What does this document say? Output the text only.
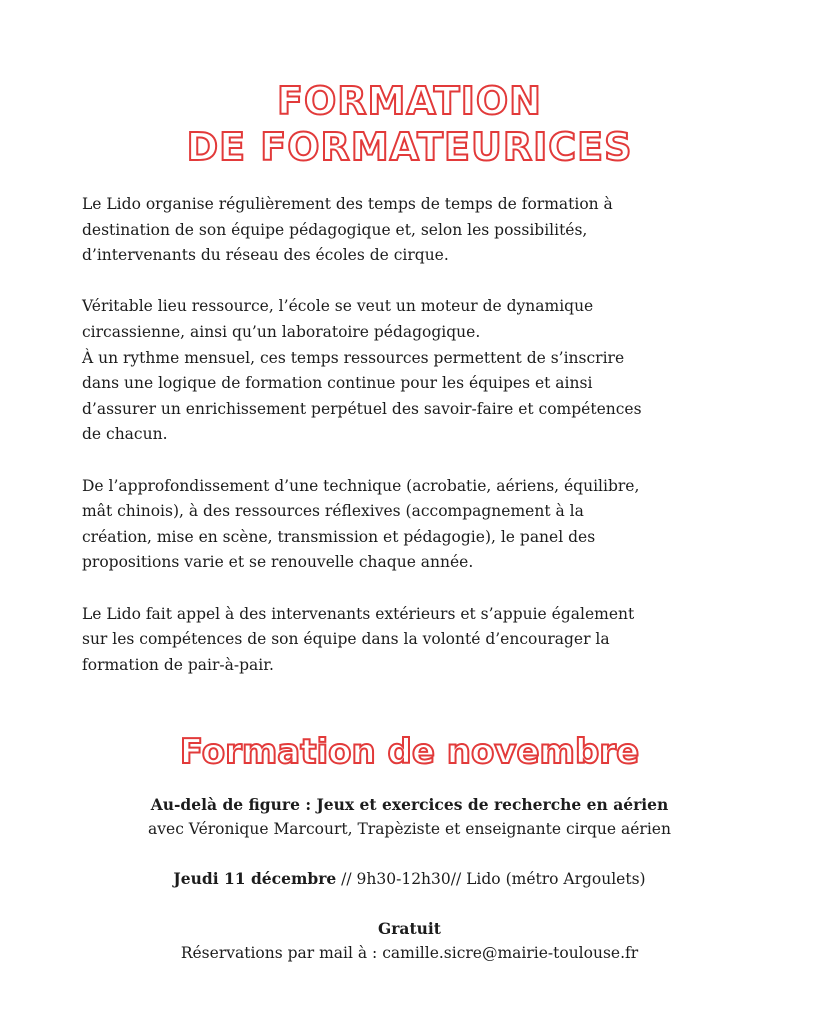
FORMATION
DE FORMATEURICES

Le Lido organise régulièrement des temps de temps de formation à
destination de son équipe pédagogique et, selon les possibilités,
d’intervenants du réseau des écoles de cirque.

Véritable lieu ressource, l’école se veut un moteur de dynamique
circassienne, ainsi qu’un laboratoire pédagogique.
À un rythme mensuel, ces temps ressources permettent de s’inscrire
dans une logique de formation continue pour les équipes et ainsi
d’assurer un enrichissement perpétuel des savoir-faire et compétences
de chacun.

De l’approfondissement d’une technique (acrobatie, aériens, équilibre,
mât chinois), à des ressources réflexives (accompagnement à la
création, mise en scène, transmission et pédagogie), le panel des
propositions varie et se renouvelle chaque année.

Le Lido fait appel à des intervenants extérieurs et s’appuie également
sur les compétences de son équipe dans la volonté d’encourager la
formation de pair-à-pair.

Formation de novembre

Au-delà de figure : Jeux et exercices de recherche en aérien

avec Véronique Marcourt, Trapèziste et enseignante cirque aérien

Jeudi 11 décembre // 9h30-12h30// Lido (métro Argoulets)

Gratuit

Réservations par mail à : camille.sicre@mairie-toulouse.fr
